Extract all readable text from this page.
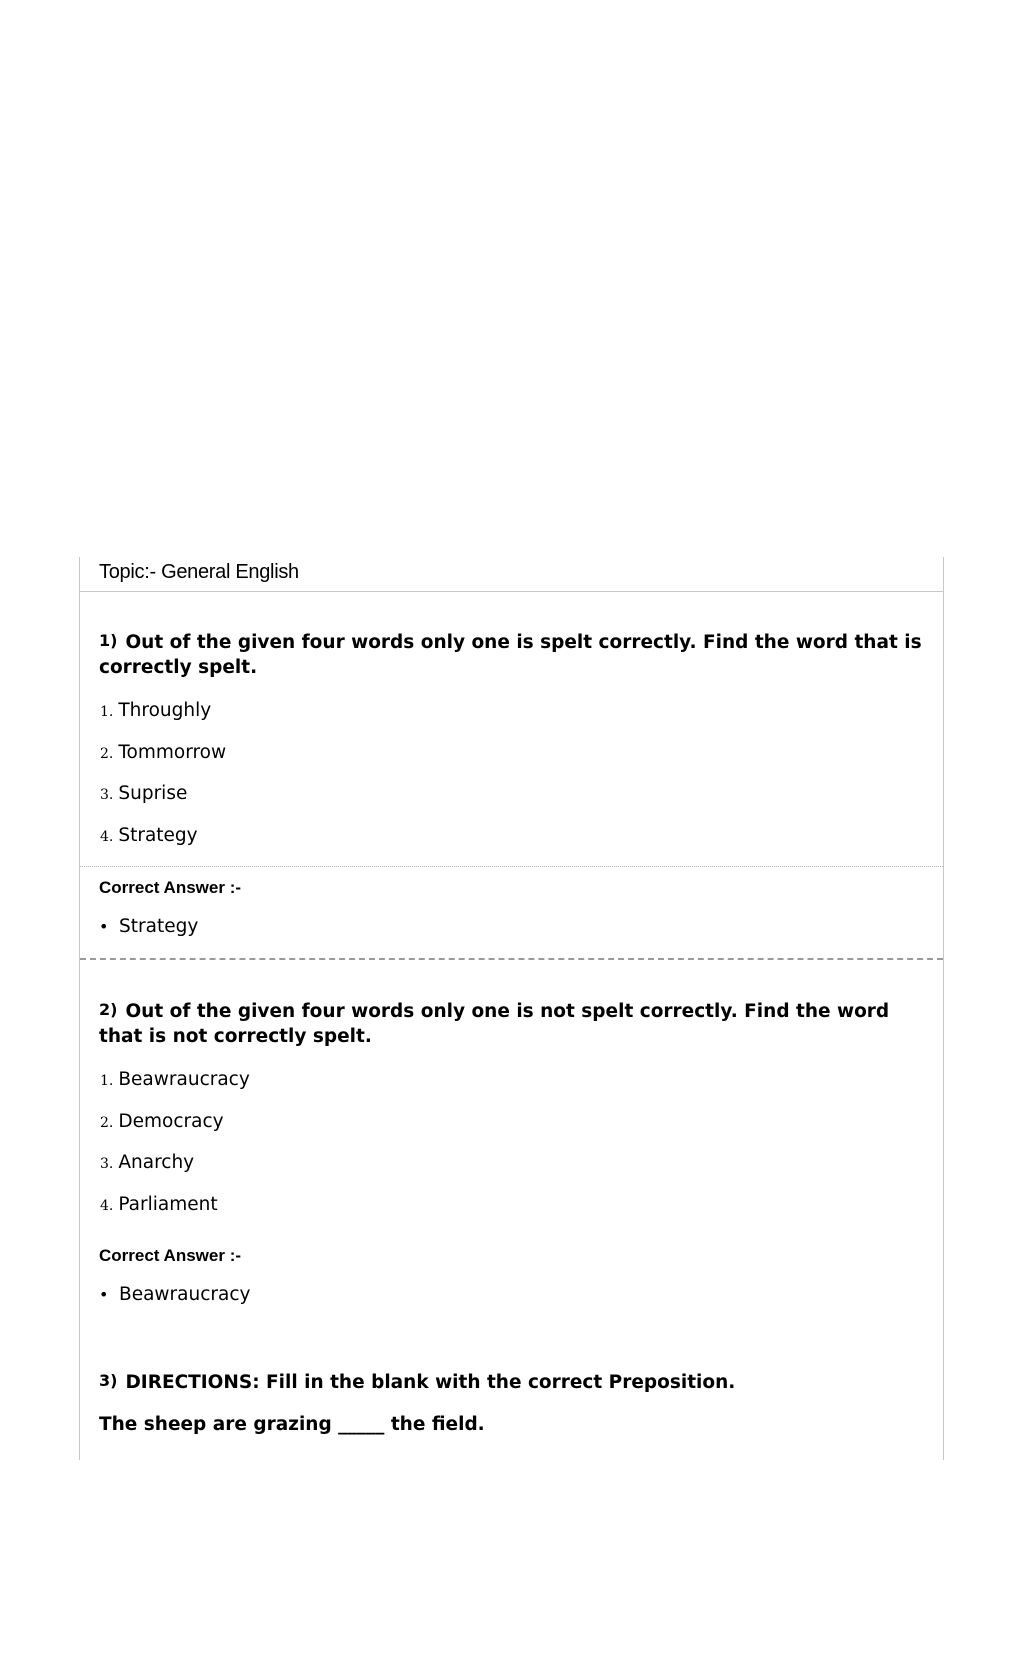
Topic:- General English
1) Out of the given four words only one is spelt correctly. Find the word that is correctly spelt.
1. Throughly
2. Tommorrow
3. Suprise
4. Strategy
Correct Answer :-
• Strategy
2) Out of the given four words only one is not spelt correctly. Find the word that is not correctly spelt.
1. Beawraucracy
2. Democracy
3. Anarchy
4. Parliament
Correct Answer :-
• Beawraucracy
3) DIRECTIONS: Fill in the blank with the correct Preposition.
The sheep are grazing _____ the field.
